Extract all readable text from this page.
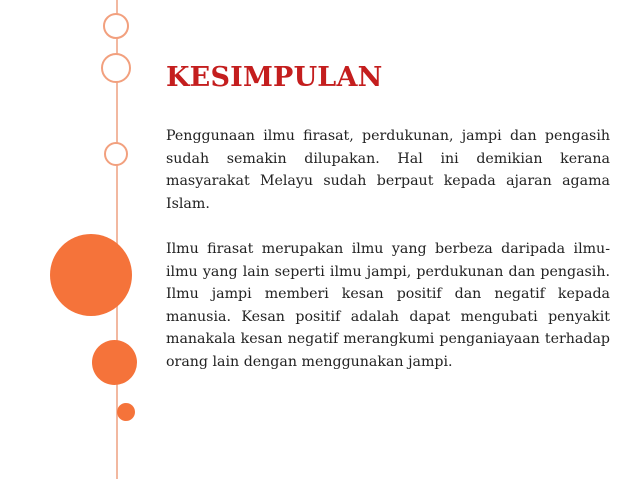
KESIMPULAN

Penggunaan ilmu firasat, perdukunan, jampi dan pengasih sudah semakin dilupakan. Hal ini demikian kerana masyarakat Melayu sudah berpaut kepada ajaran agama Islam.

Ilmu firasat merupakan ilmu yang berbeza daripada ilmu-ilmu yang lain seperti ilmu jampi, perdukunan dan pengasih. Ilmu jampi memberi kesan positif dan negatif kepada manusia. Kesan positif adalah dapat mengubati penyakit manakala kesan negatif merangkumi penganiayaan terhadap orang lain dengan menggunakan jampi.
